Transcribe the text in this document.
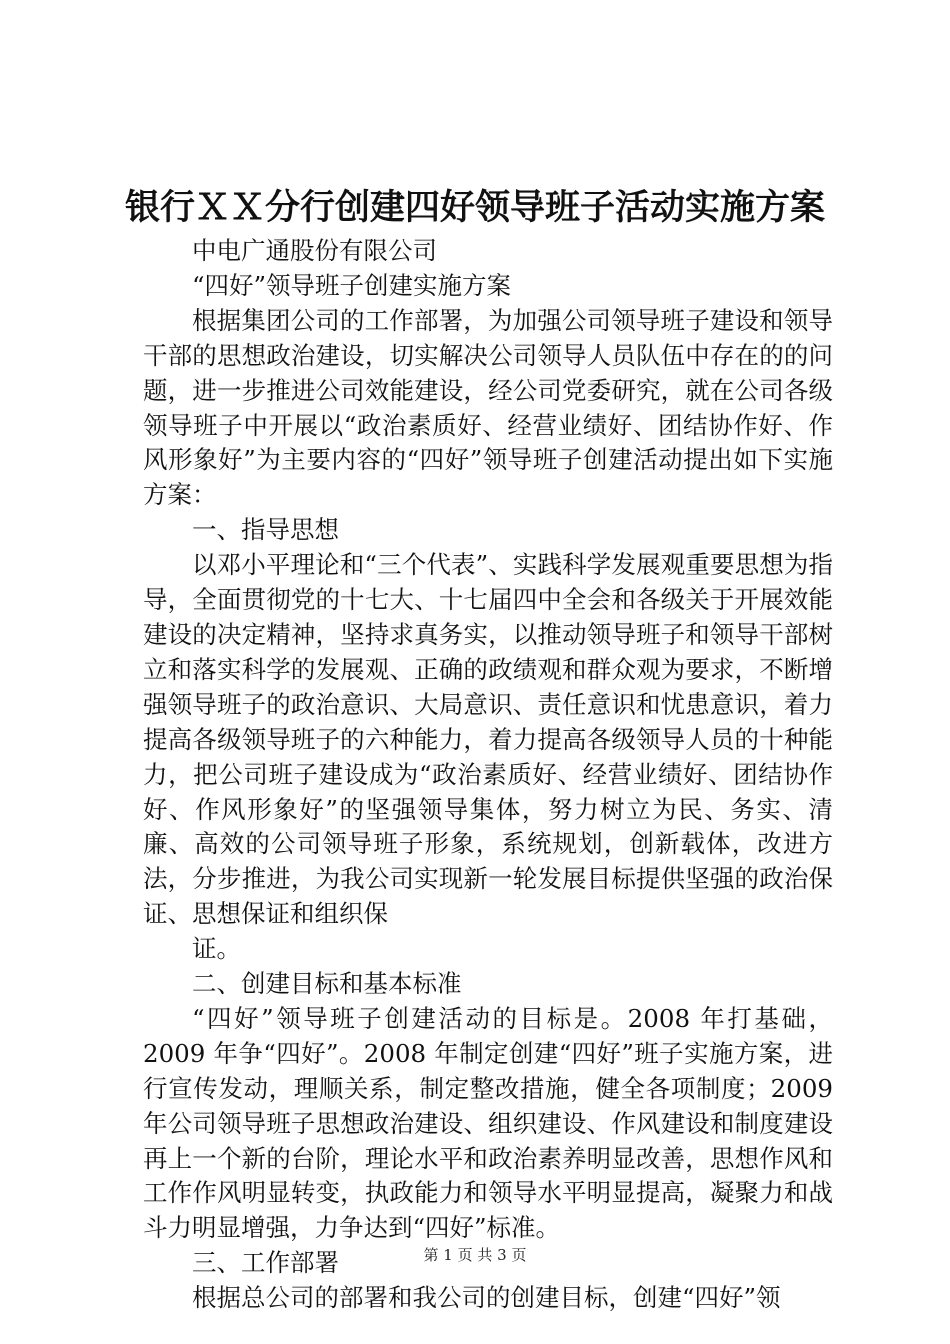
银行ＸＸ分行创建四好领导班子活动实施方案

中电广通股份有限公司

“四好”领导班子创建实施方案

根据集团公司的工作部署，为加强公司领导班子建设和领导干部的思想政治建设，切实解决公司领导人员队伍中存在的的问题，进一步推进公司效能建设，经公司党委研究，就在公司各级领导班子中开展以“政治素质好、经营业绩好、团结协作好、作风形象好”为主要内容的“四好”领导班子创建活动提出如下实施方案：

一、指导思想

以邓小平理论和“三个代表”、实践科学发展观重要思想为指导，全面贯彻党的十七大、十七届四中全会和各级关于开展效能建设的决定精神，坚持求真务实，以推动领导班子和领导干部树立和落实科学的发展观、正确的政绩观和群众观为要求，不断增强领导班子的政治意识、大局意识、责任意识和忧患意识，着力提高各级领导班子的六种能力，着力提高各级领导人员的十种能力，把公司班子建设成为“政治素质好、经营业绩好、团结协作好、作风形象好”的坚强领导集体，努力树立为民、务实、清廉、高效的公司领导班子形象，系统规划，创新载体，改进方法，分步推进，为我公司实现新一轮发展目标提供坚强的政治保证、思想保证和组织保

证。

二、创建目标和基本标准

“四好”领导班子创建活动的目标是。2008 年打基础，2009 年争“四好”。2008 年制定创建“四好”班子实施方案，进行宣传发动，理顺关系，制定整改措施，健全各项制度；2009 年公司领导班子思想政治建设、组织建设、作风建设和制度建设再上一个新的台阶，理论水平和政治素养明显改善，思想作风和工作作风明显转变，执政能力和领导水平明显提高，凝聚力和战斗力明显增强，力争达到“四好”标准。

三、工作部署

根据总公司的部署和我公司的创建目标，创建“四好”领

第 1 页 共 3 页
